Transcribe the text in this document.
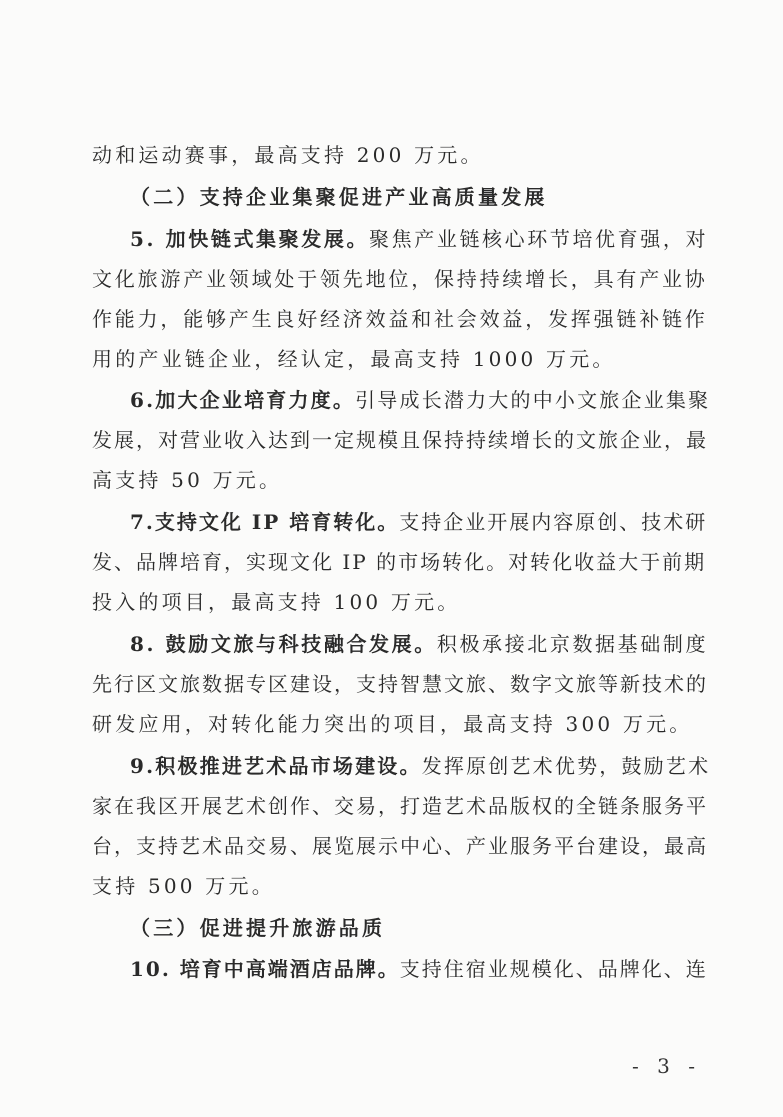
动和运动赛事，最高支持 200 万元。
（二）支持企业集聚促进产业高质量发展
5. 加快链式集聚发展。聚焦产业链核心环节培优育强，对
文化旅游产业领域处于领先地位，保持持续增长，具有产业协
作能力，能够产生良好经济效益和社会效益，发挥强链补链作
用的产业链企业，经认定，最高支持 1000 万元。
6.加大企业培育力度。引导成长潜力大的中小文旅企业集聚
发展，对营业收入达到一定规模且保持持续增长的文旅企业，最
高支持 50 万元。
7.支持文化 IP 培育转化。支持企业开展内容原创、技术研
发、品牌培育，实现文化 IP 的市场转化。对转化收益大于前期
投入的项目，最高支持 100 万元。
8. 鼓励文旅与科技融合发展。积极承接北京数据基础制度
先行区文旅数据专区建设，支持智慧文旅、数字文旅等新技术的
研发应用，对转化能力突出的项目，最高支持 300 万元。
9.积极推进艺术品市场建设。发挥原创艺术优势，鼓励艺术
家在我区开展艺术创作、交易，打造艺术品版权的全链条服务平
台，支持艺术品交易、展览展示中心、产业服务平台建设，最高
支持 500 万元。
（三）促进提升旅游品质
10. 培育中高端酒店品牌。支持住宿业规模化、品牌化、连
- 3 -
